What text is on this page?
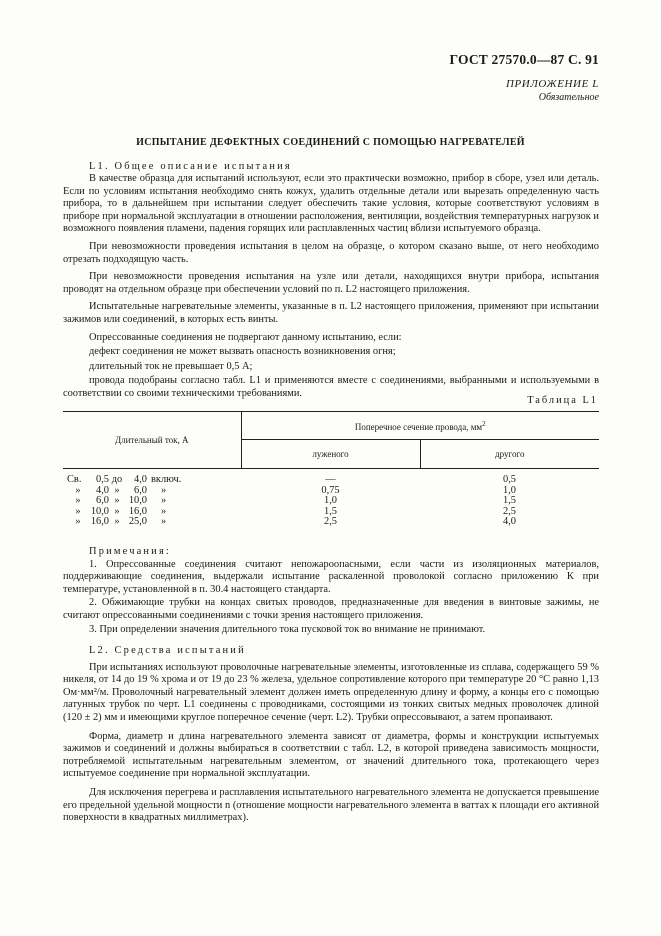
ГОСТ 27570.0—87 С. 91
ПРИЛОЖЕНИЕ L
Обязательное
ИСПЫТАНИЕ ДЕФЕКТНЫХ СОЕДИНЕНИЙ С ПОМОЩЬЮ НАГРЕВАТЕЛЕЙ

L1. Общее описание испытания

В качестве образца для испытаний используют, если это практически возможно, прибор в сборе, узел или деталь. Если по условиям испытания необходимо снять кожух, удалить отдельные детали или вырезать определенную часть прибора, то в дальнейшем при испытании следует обеспечить такие условия, которые соответствуют условиям в приборе при нормальной эксплуатации в отношении расположения, вентиляции, воздействия температурных нагрузок и возможного появления пламени, падения горящих или расплавленных частиц вблизи испытуемого образца.

При невозможности проведения испытания в целом на образце, о котором сказано выше, от него необходимо отрезать подходящую часть.

При невозможности проведения испытания на узле или детали, находящихся внутри прибора, испытания проводят на отдельном образце при обеспечении условий по п. L2 настоящего приложения.

Испытательные нагревательные элементы, указанные в п. L2 настоящего приложения, применяют при испытании зажимов или соединений, в которых есть винты.

Опрессованные соединения не подвергают данному испытанию, если:

дефект соединения не может вызвать опасность возникновения огня;

длительный ток не превышает 0,5 А;

провода подобраны согласно табл. L1 и применяются вместе с соединениями, выбранными и используемыми в соответствии со своими техническими требованиями.

Таблица L1
Длительный ток, А	Поперечное сечение провода, $мм^2$
	луженого	другого
Св. 0,5 до 4,0 включ.	—	0,5
» 4,0 » 6,0 »	0,75	1,0
» 6,0 » 10,0 »	1,0	1,5
» 10,0 » 16,0 »	1,5	2,5
» 16,0 » 25,0 »	2,5	4,0

Примечания:

1. Опрессованные соединения считают непожароопасными, если части из изоляционных материалов, поддерживающие соединения, выдержали испытание раскаленной проволокой согласно приложению К при температуре, установленной в п. 30.4 настоящего стандарта.

2. Обжимающие трубки на концах свитых проводов, предназначенные для введения в винтовые зажимы, не считают опрессованными соединениями с точки зрения настоящего приложения.

3. При определении значения длительного тока пусковой ток во внимание не принимают.

L2. Средства испытаний

При испытаниях используют проволочные нагревательные элементы, изготовленные из сплава, содержащего 59 % никеля, от 14 до 19 % хрома и от 19 до 23 % железа, удельное сопротивление которого при температуре 20 °С равно 1,13 Ом·мм²/м. Проволочный нагревательный элемент должен иметь определенную длину и форму, а концы его с помощью латунных трубок по черт. L1 соединены с проводниками, состоящими из тонких свитых медных проволочек длиной (120 ± 2) мм и имеющими круглое поперечное сечение (черт. L2). Трубки опрессовывают, а затем пропаивают.

Форма, диаметр и длина нагревательного элемента зависят от диаметра, формы и конструкции испытуемых зажимов и соединений и должны выбираться в соответствии с табл. L2, в которой приведена зависимость мощности, потребляемой испытательным нагревательным элементом, от значений длительного тока, протекающего через испытуемое соединение при нормальной эксплуатации.

Для исключения перегрева и расплавления испытательного нагревательного элемента не допускается превышение его предельной удельной мощности n (отношение мощности нагревательного элемента в ваттах к площади его активной поверхности в квадратных миллиметрах).
